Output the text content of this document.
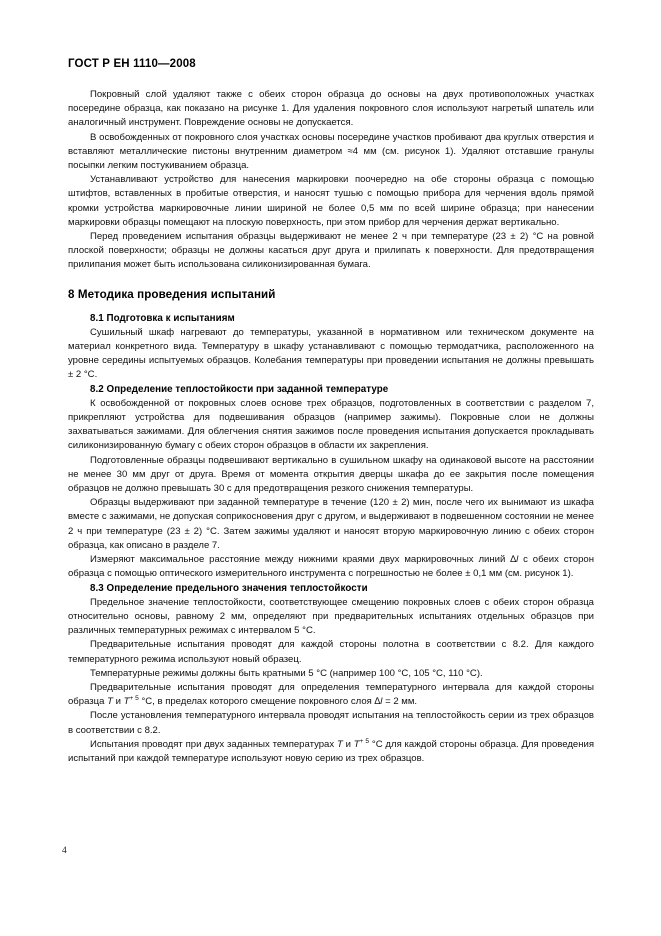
ГОСТ Р ЕН 1110—2008

Покровный слой удаляют также с обеих сторон образца до основы на двух противоположных участках посередине образца, как показано на рисунке 1. Для удаления покровного слоя используют нагретый шпатель или аналогичный инструмент. Повреждение основы не допускается.

В освобожденных от покровного слоя участках основы посередине участков пробивают два круглых отверстия и вставляют металлические пистоны внутренним диаметром ≈4 мм (см. рисунок 1). Удаляют отставшие гранулы посыпки легким постукиванием образца.

Устанавливают устройство для нанесения маркировки поочередно на обе стороны образца с помощью штифтов, вставленных в пробитые отверстия, и наносят тушью с помощью прибора для черчения вдоль прямой кромки устройства маркировочные линии шириной не более 0,5 мм по всей ширине образца; при нанесении маркировки образцы помещают на плоскую поверхность, при этом прибор для черчения держат вертикально.

Перед проведением испытания образцы выдерживают не менее 2 ч при температуре (23 ± 2) °С на ровной плоской поверхности; образцы не должны касаться друг друга и прилипать к поверхности. Для предотвращения прилипания может быть использована силиконизированная бумага.

8 Методика проведения испытаний
8.1 Подготовка к испытаниям

Сушильный шкаф нагревают до температуры, указанной в нормативном или техническом документе на материал конкретного вида. Температуру в шкафу устанавливают с помощью термодатчика, расположенного на уровне середины испытуемых образцов. Колебания температуры при проведении испытания не должны превышать ± 2 °С.

8.2 Определение теплостойкости при заданной температуре

К освобожденной от покровных слоев основе трех образцов, подготовленных в соответствии с разделом 7, прикрепляют устройства для подвешивания образцов (например зажимы). Покровные слои не должны захватываться зажимами. Для облегчения снятия зажимов после проведения испытания допускается прокладывать силиконизированную бумагу с обеих сторон образцов в области их закрепления.

Подготовленные образцы подвешивают вертикально в сушильном шкафу на одинаковой высоте на расстоянии не менее 30 мм друг от друга. Время от момента открытия дверцы шкафа до ее закрытия после помещения образцов не должно превышать 30 с для предотвращения резкого снижения температуры.

Образцы выдерживают при заданной температуре в течение (120 ± 2) мин, после чего их вынимают из шкафа вместе с зажимами, не допуская соприкосновения друг с другом, и выдерживают в подвешенном состоянии не менее 2 ч при температуре (23 ± 2) °С. Затем зажимы удаляют и наносят вторую маркировочную линию с обеих сторон образца, как описано в разделе 7.

Измеряют максимальное расстояние между нижними краями двух маркировочных линий ∆l с обеих сторон образца с помощью оптического измерительного инструмента с погрешностью не более ± 0,1 мм (см. рисунок 1).

8.3 Определение предельного значения теплостойкости

Предельное значение теплостойкости, соответствующее смещению покровных слоев с обеих сторон образца относительно основы, равному 2 мм, определяют при предварительных испытаниях отдельных образцов при различных температурных режимах с интервалом 5 °С.

Предварительные испытания проводят для каждой стороны полотна в соответствии с 8.2. Для каждого температурного режима используют новый образец.

Температурные режимы должны быть кратными 5 °С (например 100 °С, 105 °С, 110 °С).

Предварительные испытания проводят для определения температурного интервала для каждой стороны образца T и $T^{+ 5}$ °С, в пределах которого смещение покровного слоя ∆l = 2 мм.

После установления температурного интервала проводят испытания на теплостойкость серии из трех образцов в соответствии с 8.2.

Испытания проводят при двух заданных температурах T и $T^{+ 5}$ °С для каждой стороны образца. Для проведения испытаний при каждой температуре используют новую серию из трех образцов.

4
